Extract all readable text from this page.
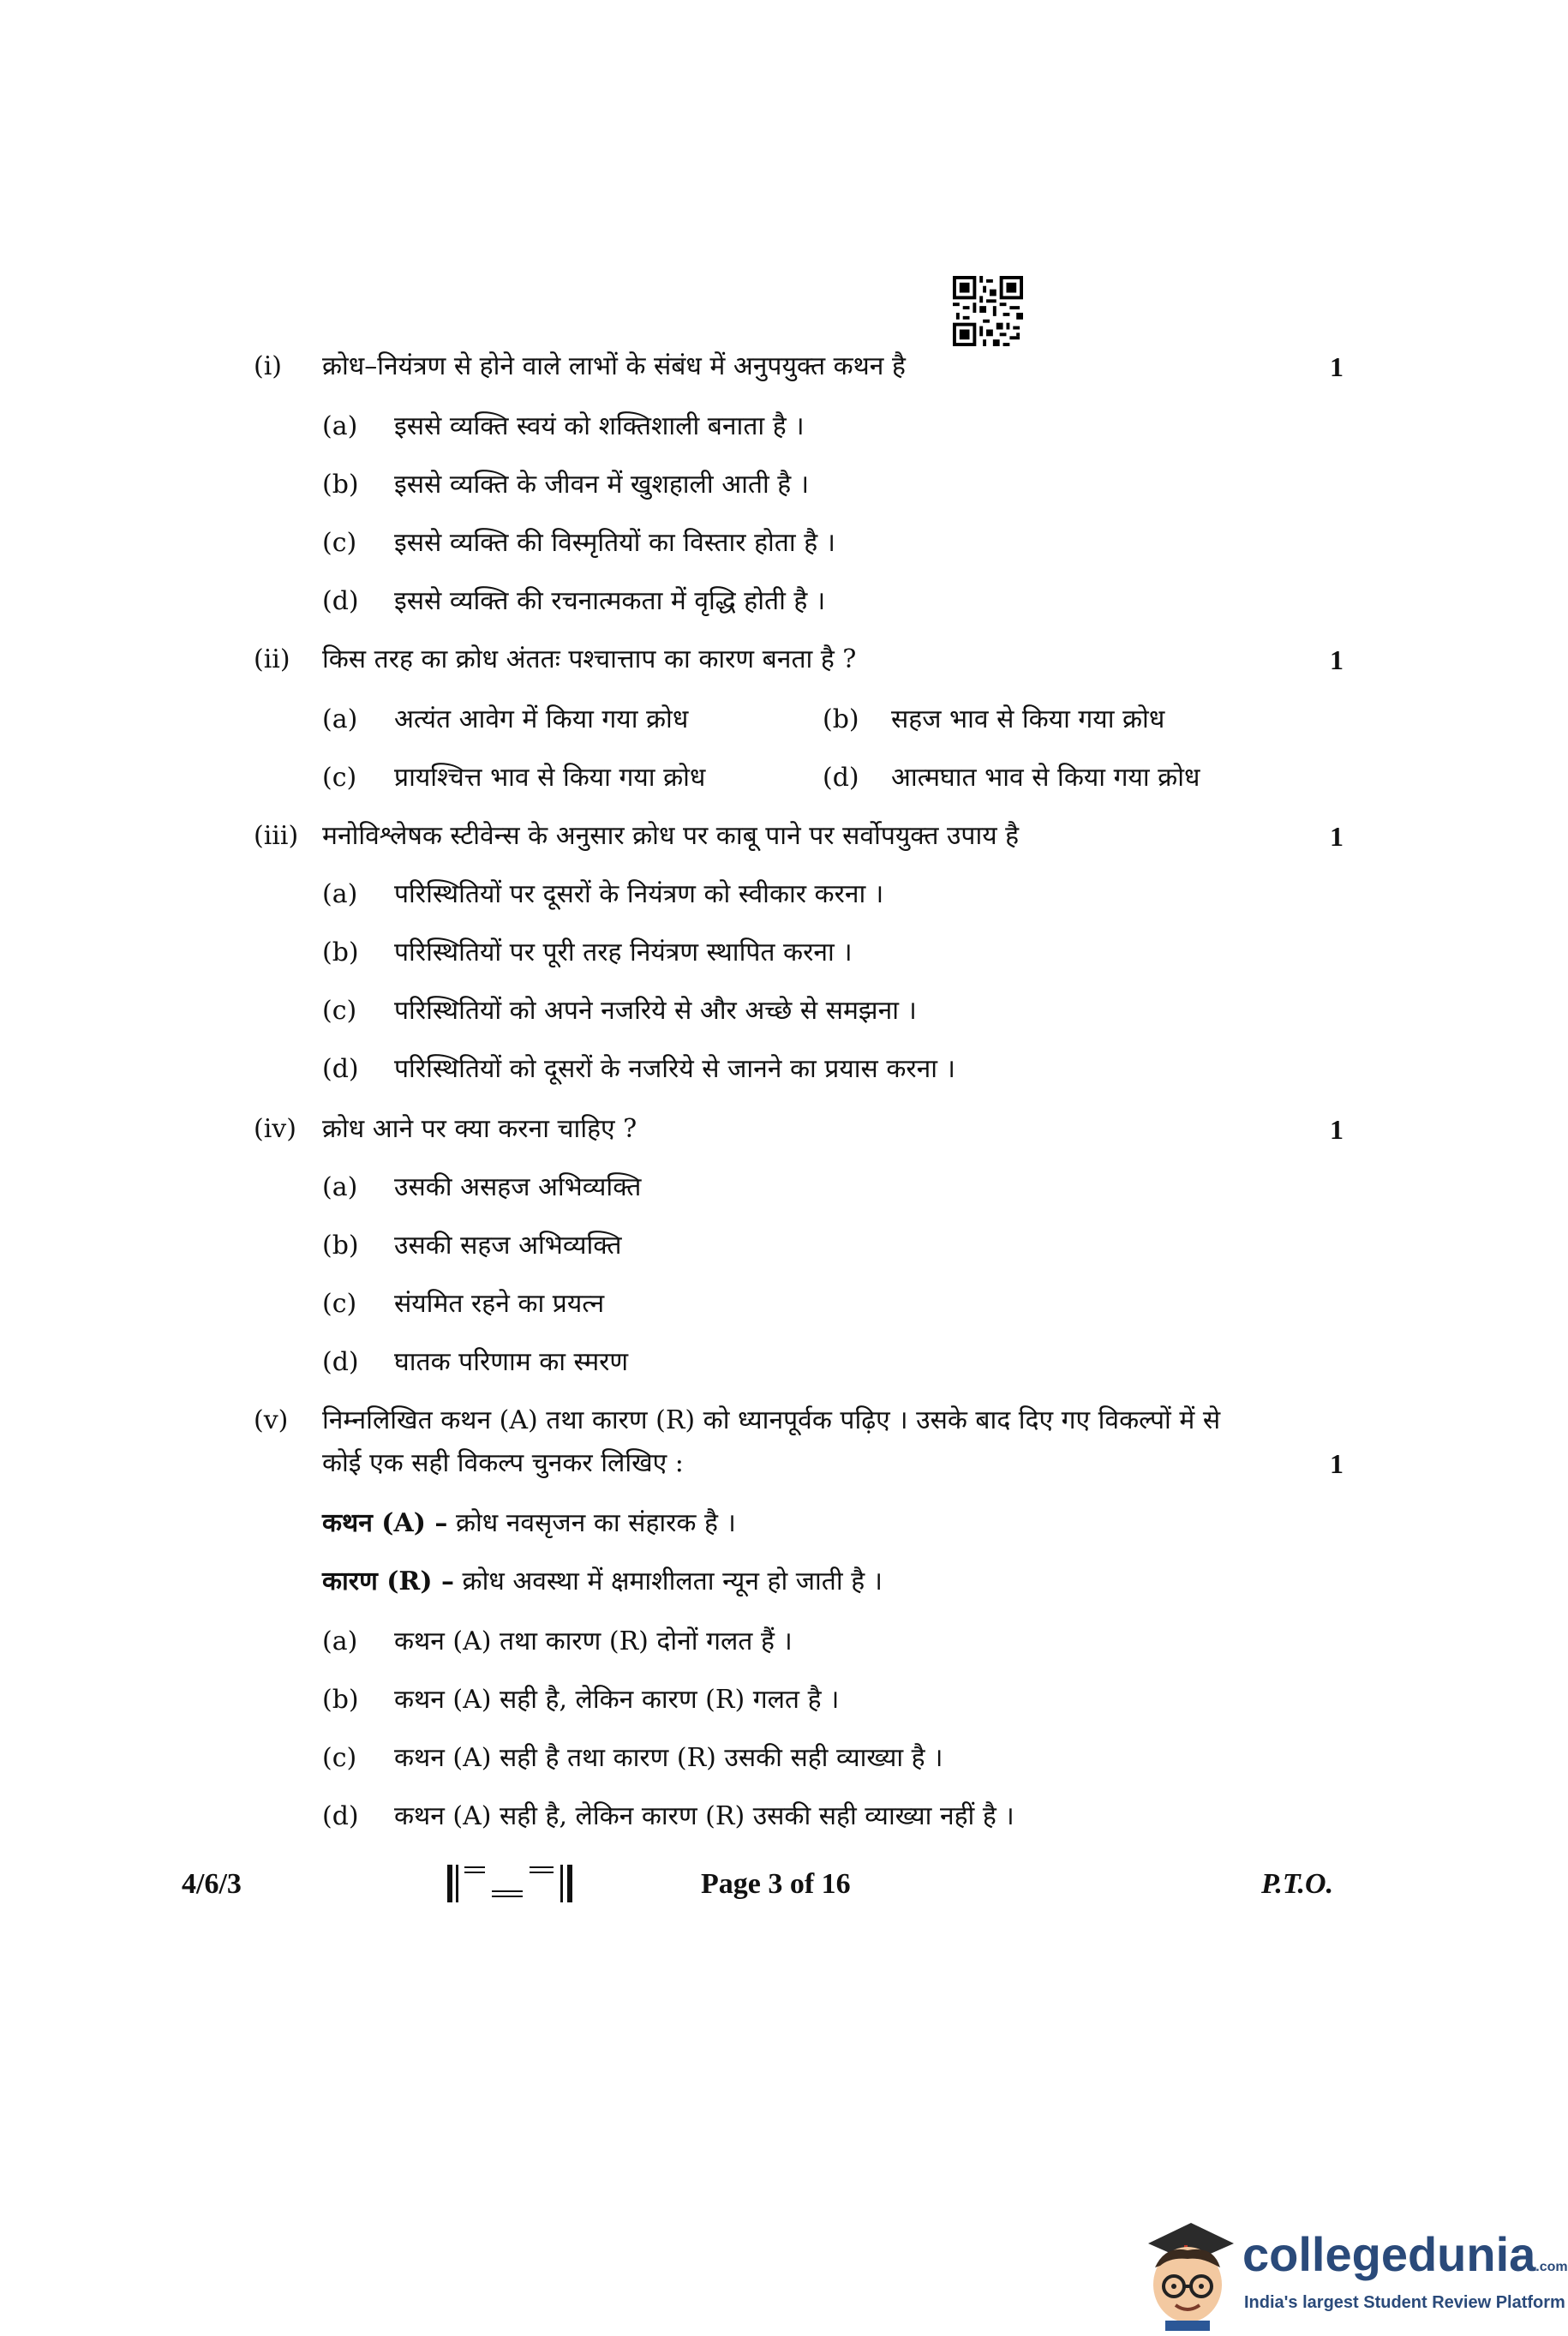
(i) क्रोध–नियंत्रण से होने वाले लाभों के संबंध में अनुपयुक्त कथन है	1
(a) इससे व्यक्ति स्वयं को शक्तिशाली बनाता है ।
(b) इससे व्यक्ति के जीवन में खुशहाली आती है ।
(c) इससे व्यक्ति की विस्मृतियों का विस्तार होता है ।
(d) इससे व्यक्ति की रचनात्मकता में वृद्धि होती है ।
(ii) किस तरह का क्रोध अंततः पश्चात्ताप का कारण बनता है ?	1
(a) अत्यंत आवेग में किया गया क्रोध	(b) सहज भाव से किया गया क्रोध
(c) प्रायश्चित्त भाव से किया गया क्रोध	(d) आत्मघात भाव से किया गया क्रोध
(iii) मनोविश्लेषक स्टीवेन्स के अनुसार क्रोध पर काबू पाने पर सर्वोपयुक्त उपाय है	1
(a) परिस्थितियों पर दूसरों के नियंत्रण को स्वीकार करना ।
(b) परिस्थितियों पर पूरी तरह नियंत्रण स्थापित करना ।
(c) परिस्थितियों को अपने नजरिये से और अच्छे से समझना ।
(d) परिस्थितियों को दूसरों के नजरिये से जानने का प्रयास करना ।
(iv) क्रोध आने पर क्या करना चाहिए ?	1
(a) उसकी असहज अभिव्यक्ति
(b) उसकी सहज अभिव्यक्ति
(c) संयमित रहने का प्रयत्न
(d) घातक परिणाम का स्मरण
(v) निम्नलिखित कथन (A) तथा कारण (R) को ध्यानपूर्वक पढ़िए । उसके बाद दिए गए विकल्पों में से
कोई एक सही विकल्प चुनकर लिखिए :	1
कथन (A) – क्रोध नवसृजन का संहारक है ।
कारण (R) – क्रोध अवस्था में क्षमाशीलता न्यून हो जाती है ।
(a) कथन (A) तथा कारण (R) दोनों गलत हैं ।
(b) कथन (A) सही है, लेकिन कारण (R) गलत है ।
(c) कथन (A) सही है तथा कारण (R) उसकी सही व्याख्या है ।
(d) कथन (A) सही है, लेकिन कारण (R) उसकी सही व्याख्या नहीं है ।
4/6/3	Page 3 of 16	P.T.O.
collegedunia.com
India's largest Student Review Platform
